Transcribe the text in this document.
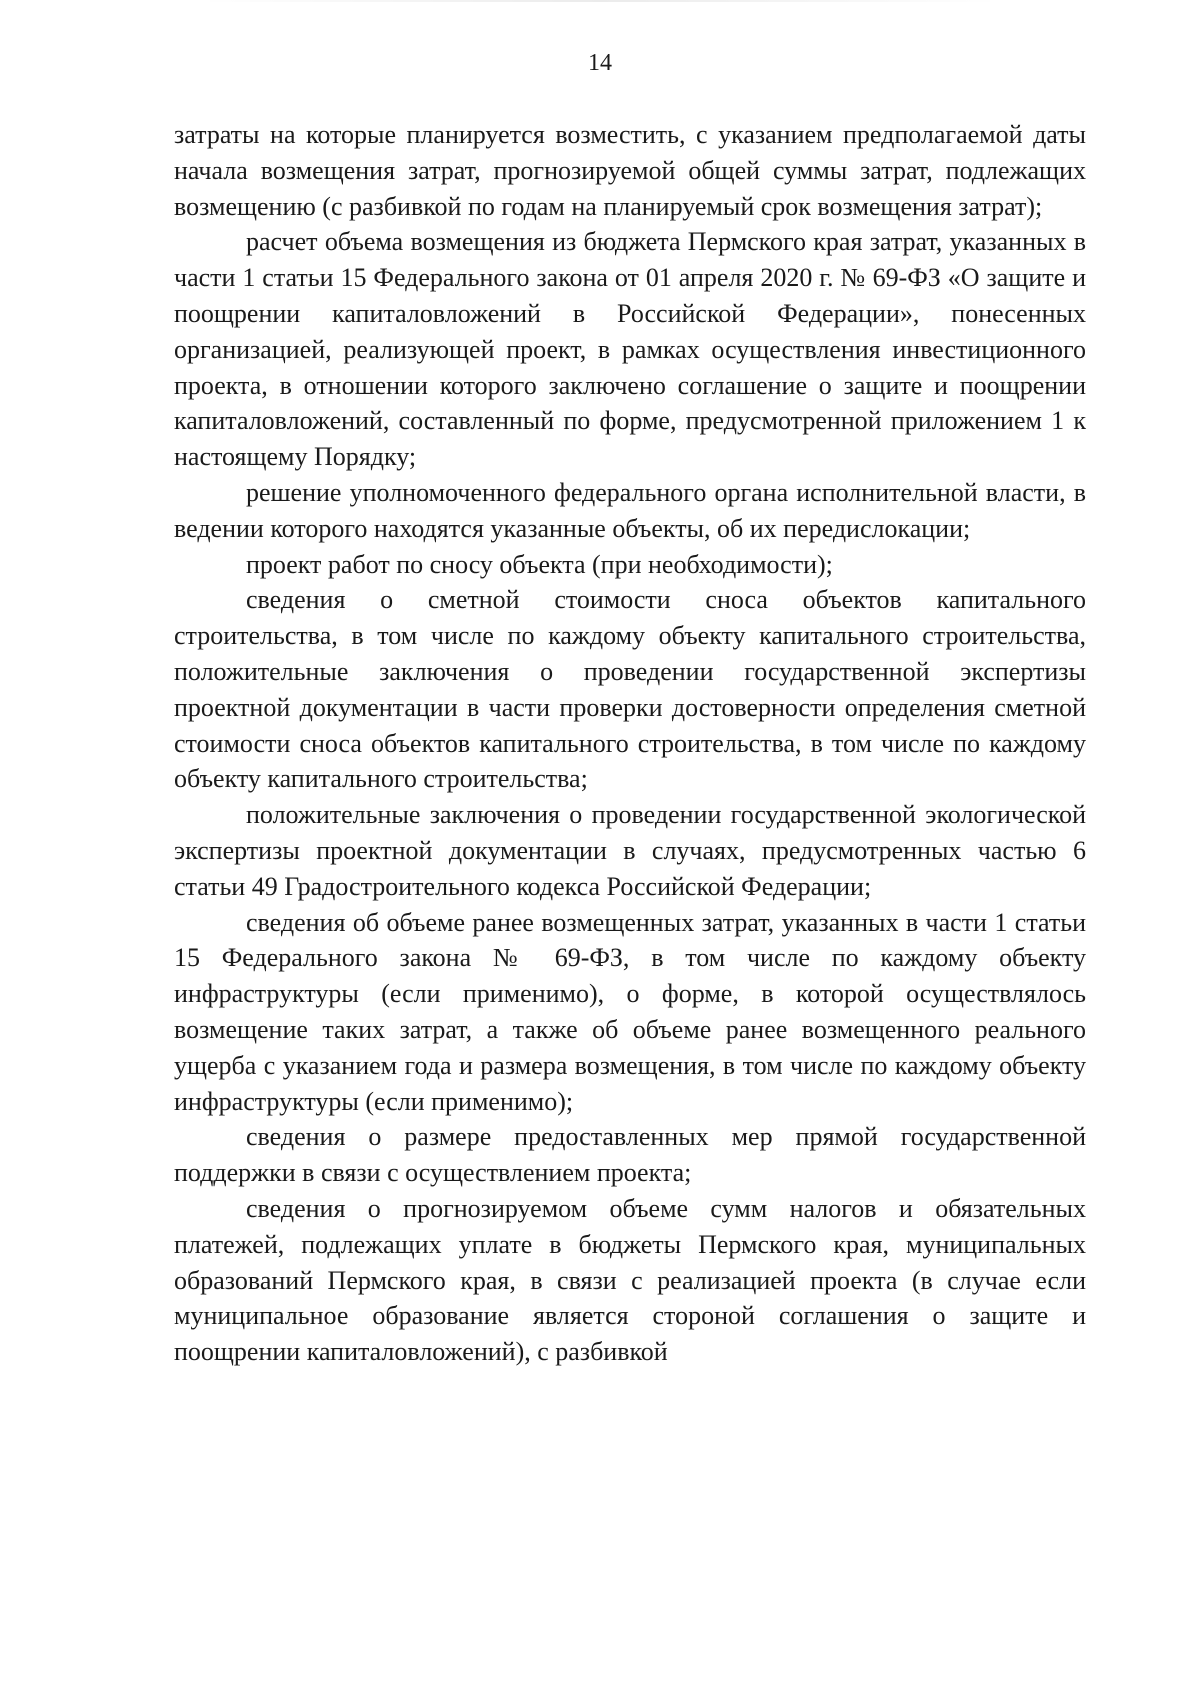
14

затраты на которые планируется возместить, с указанием предполагаемой даты начала возмещения затрат, прогнозируемой общей суммы затрат, подлежащих возмещению (с разбивкой по годам на планируемый срок возмещения затрат);

расчет объема возмещения из бюджета Пермского края затрат, указанных в части 1 статьи 15 Федерального закона от 01 апреля 2020 г. № 69-ФЗ «О защите и поощрении капиталовложений в Российской Федерации», понесенных организацией, реализующей проект, в рамках осуществления инвестиционного проекта, в отношении которого заключено соглашение о защите и поощрении капиталовложений, составленный по форме, предусмотренной приложением 1 к настоящему Порядку;

решение уполномоченного федерального органа исполнительной власти, в ведении которого находятся указанные объекты, об их передислокации;

проект работ по сносу объекта (при необходимости);

сведения о сметной стоимости сноса объектов капитального строительства, в том числе по каждому объекту капитального строительства, положительные заключения о проведении государственной экспертизы проектной документации в части проверки достоверности определения сметной стоимости сноса объектов капитального строительства, в том числе по каждому объекту капитального строительства;

положительные заключения о проведении государственной экологической экспертизы проектной документации в случаях, предусмотренных частью 6 статьи 49 Градостроительного кодекса Российской Федерации;

сведения об объеме ранее возмещенных затрат, указанных в части 1 статьи 15 Федерального закона № 69-ФЗ, в том числе по каждому объекту инфраструктуры (если применимо), о форме, в которой осуществлялось возмещение таких затрат, а также об объеме ранее возмещенного реального ущерба с указанием года и размера возмещения, в том числе по каждому объекту инфраструктуры (если применимо);

сведения о размере предоставленных мер прямой государственной поддержки в связи с осуществлением проекта;

сведения о прогнозируемом объеме сумм налогов и обязательных платежей, подлежащих уплате в бюджеты Пермского края, муниципальных образований Пермского края, в связи с реализацией проекта (в случае если муниципальное образование является стороной соглашения о защите и поощрении капиталовложений), с разбивкой
